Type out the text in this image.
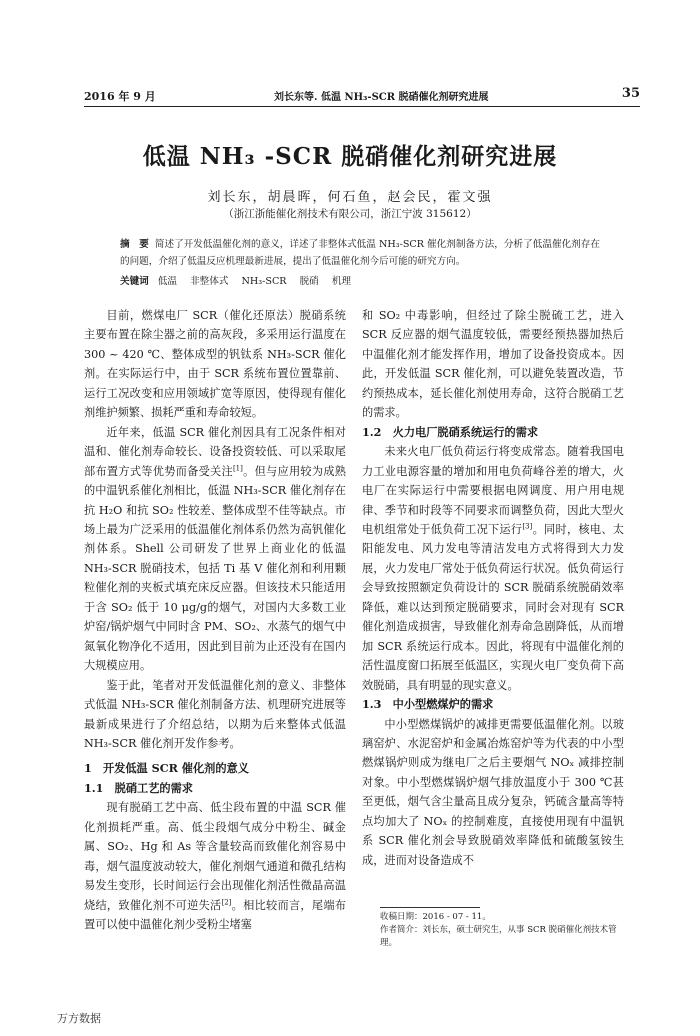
2016 年 9 月	刘长东等. 低温 NH₃-SCR 脱硝催化剂研究进展	35
低温 NH₃ -SCR 脱硝催化剂研究进展
刘长东，胡晨晖，何石鱼，赵会民，霍文强
（浙江浙能催化剂技术有限公司，浙江宁波 315612）
摘　要 简述了开发低温催化剂的意义，详述了非整体式低温 NH₃-SCR 催化剂制备方法，分析了低温催化剂存在的问题，介绍了低温反应机理最新进展，提出了低温催化剂今后可能的研究方向。
关键词 低温 非整体式 NH₃-SCR 脱硝 机理

目前，燃煤电厂 SCR（催化还原法）脱硝系统主要布置在除尘器之前的高灰段，多采用运行温度在 300 ~ 420 ℃、整体成型的钒钛系 NH₃-SCR 催化剂。在实际运行中，由于 SCR 系统布置位置靠前、运行工况改变和应用领域扩宽等原因，使得现有催化剂维护频繁、损耗严重和寿命较短。

近年来，低温 SCR 催化剂因具有工况条件相对温和、催化剂寿命较长、设备投资较低、可以采取尾部布置方式等优势而备受关注[1]。但与应用较为成熟的中温钒系催化剂相比，低温 NH₃-SCR 催化剂存在抗 H₂O 和抗 SO₂ 性较差、整体成型不佳等缺点。市场上最为广泛采用的低温催化剂体系仍然为高钒催化剂体系。Shell 公司研发了世界上商业化的低温 NH₃-SCR 脱硝技术，包括 Ti 基 V 催化剂和利用颗粒催化剂的夹板式填充床反应器。但该技术只能适用于含 SO₂ 低于 10 μg/g的烟气，对国内大多数工业炉窑/锅炉烟气中同时含 PM、SO₂、水蒸气的烟气中氮氧化物净化不适用，因此到目前为止还没有在国内大规模应用。

鉴于此，笔者对开发低温催化剂的意义、非整体式低温 NH₃-SCR 催化剂制备方法、机理研究进展等最新成果进行了介绍总结，以期为后来整体式低温 NH₃-SCR 催化剂开发作参考。

1　开发低温 SCR 催化剂的意义
1.1　脱硝工艺的需求

现有脱硝工艺中高、低尘段布置的中温 SCR 催化剂损耗严重。高、低尘段烟气成分中粉尘、碱金属、SO₂、Hg 和 As 等含量较高而致催化剂容易中毒，烟气温度波动较大，催化剂烟气通道和微孔结构易发生变形，长时间运行会出现催化剂活性微晶高温烧结，致催化剂不可逆失活[2]。相比较而言，尾端布置可以使中温催化剂少受粉尘堵塞

和 SO₂ 中毒影响，但经过了除尘脱硫工艺，进入 SCR 反应器的烟气温度较低，需要经预热器加热后中温催化剂才能发挥作用，增加了设备投资成本。因此，开发低温 SCR 催化剂，可以避免装置改造，节约预热成本，延长催化剂使用寿命，这符合脱硝工艺的需求。

1.2　火力电厂脱硝系统运行的需求

未来火电厂低负荷运行将变成常态。随着我国电力工业电源容量的增加和用电负荷峰谷差的增大，火电厂在实际运行中需要根据电网调度、用户用电规律、季节和时段等不同要求而调整负荷，因此大型火电机组常处于低负荷工况下运行[3]。同时，核电、太阳能发电、风力发电等清洁发电方式将得到大力发展，火力发电厂常处于低负荷运行状况。低负荷运行会导致按照额定负荷设计的 SCR 脱硝系统脱硝效率降低，难以达到预定脱硝要求，同时会对现有 SCR 催化剂造成损害，导致催化剂寿命急剧降低，从而增加 SCR 系统运行成本。因此，将现有中温催化剂的活性温度窗口拓展至低温区，实现火电厂变负荷下高效脱硝，具有明显的现实意义。

1.3　中小型燃煤炉的需求

中小型燃煤锅炉的减排更需要低温催化剂。以玻璃窑炉、水泥窑炉和金属冶炼窑炉等为代表的中小型燃煤锅炉则成为继电厂之后主要烟气 NOₓ 减排控制对象。中小型燃煤锅炉烟气排放温度小于 300 ℃甚至更低，烟气含尘量高且成分复杂，钙硫含量高等特点均加大了 NOₓ 的控制难度，直接使用现有中温钒系 SCR 催化剂会导致脱硝效率降低和硫酸氢铵生成，进而对设备造成不

收稿日期：2016 - 07 - 11。
作者简介：刘长东，硕士研究生，从事 SCR 脱硝催化剂技术管理。
万方数据
